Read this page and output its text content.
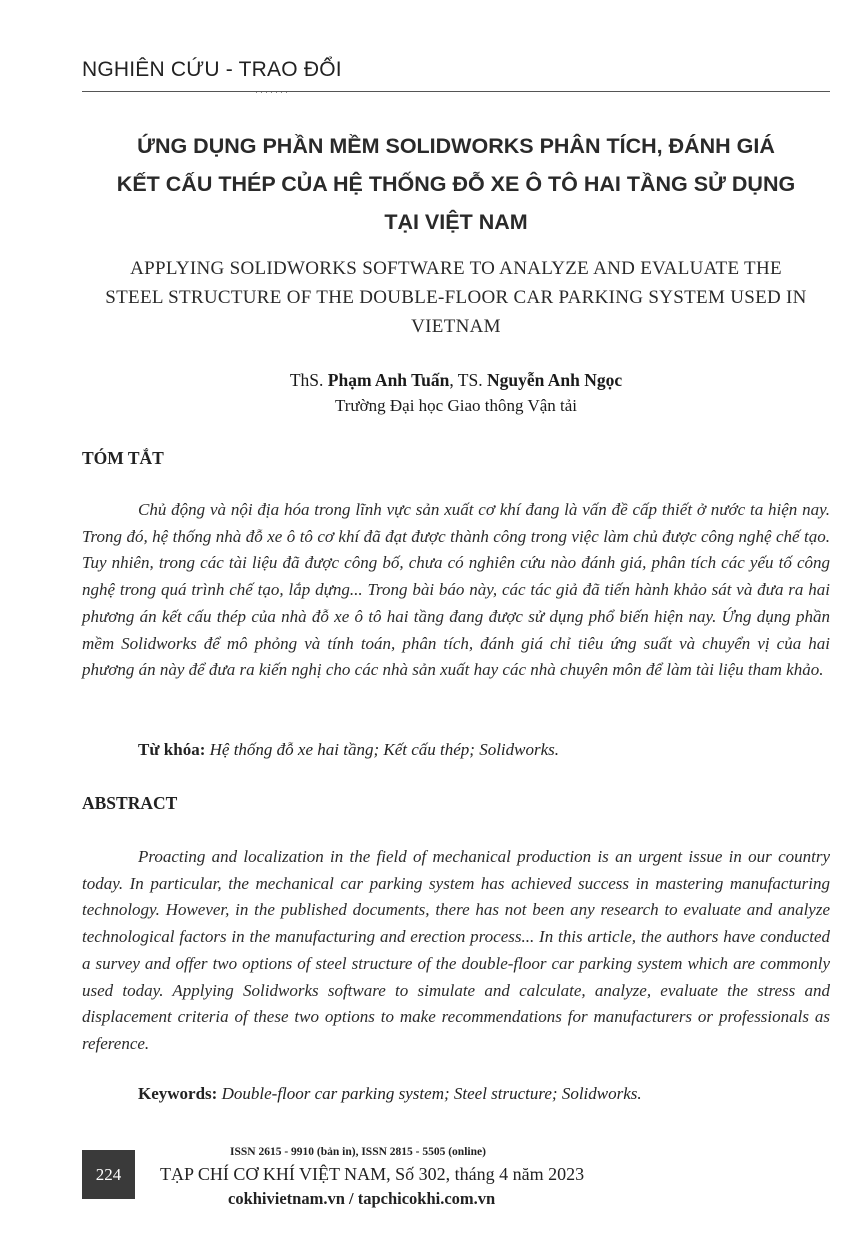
NGHIÊN CỨU - TRAO ĐỔI
·······
ỨNG DỤNG PHẦN MỀM SOLIDWORKS PHÂN TÍCH, ĐÁNH GIÁ
KẾT CẤU THÉP CỦA HỆ THỐNG ĐỖ XE Ô TÔ HAI TẦNG SỬ DỤNG
TẠI VIỆT NAM
APPLYING SOLIDWORKS SOFTWARE TO ANALYZE AND EVALUATE THE
STEEL STRUCTURE OF THE DOUBLE-FLOOR CAR PARKING SYSTEM USED IN
VIETNAM
ThS. Phạm Anh Tuấn, TS. Nguyễn Anh Ngọc
Trường Đại học Giao thông Vận tải
TÓM TẮT

Chủ động và nội địa hóa trong lĩnh vực sản xuất cơ khí đang là vấn đề cấp thiết ở nước ta hiện nay. Trong đó, hệ thống nhà đỗ xe ô tô cơ khí đã đạt được thành công trong việc làm chủ được công nghệ chế tạo. Tuy nhiên, trong các tài liệu đã được công bố, chưa có nghiên cứu nào đánh giá, phân tích các yếu tố công nghệ trong quá trình chế tạo, lắp dựng... Trong bài báo này, các tác giả đã tiến hành khảo sát và đưa ra hai phương án kết cấu thép của nhà đỗ xe ô tô hai tầng đang được sử dụng phổ biến hiện nay. Ứng dụng phần mềm Solidworks để mô phỏng và tính toán, phân tích, đánh giá chỉ tiêu ứng suất và chuyển vị của hai phương án này để đưa ra kiến nghị cho các nhà sản xuất hay các nhà chuyên môn để làm tài liệu tham khảo.

Từ khóa: Hệ thống đỗ xe hai tầng; Kết cấu thép; Solidworks.
ABSTRACT

Proacting and localization in the field of mechanical production is an urgent issue in our country today. In particular, the mechanical car parking system has achieved success in mastering manufacturing technology. However, in the published documents, there has not been any research to evaluate and analyze technological factors in the manufacturing and erection process... In this article, the authors have conducted a survey and offer two options of steel structure of the double-floor car parking system which are commonly used today. Applying Solidworks software to simulate and calculate, analyze, evaluate the stress and displacement criteria of these two options to make recommendations for manufacturers or professionals as reference.

Keywords: Double-floor car parking system; Steel structure; Solidworks.
224
ISSN 2615 - 9910 (bản in), ISSN 2815 - 5505 (online)
TẠP CHÍ CƠ KHÍ VIỆT NAM, Số 302, tháng 4 năm 2023
cokhivietnam.vn / tapchicokhi.com.vn
